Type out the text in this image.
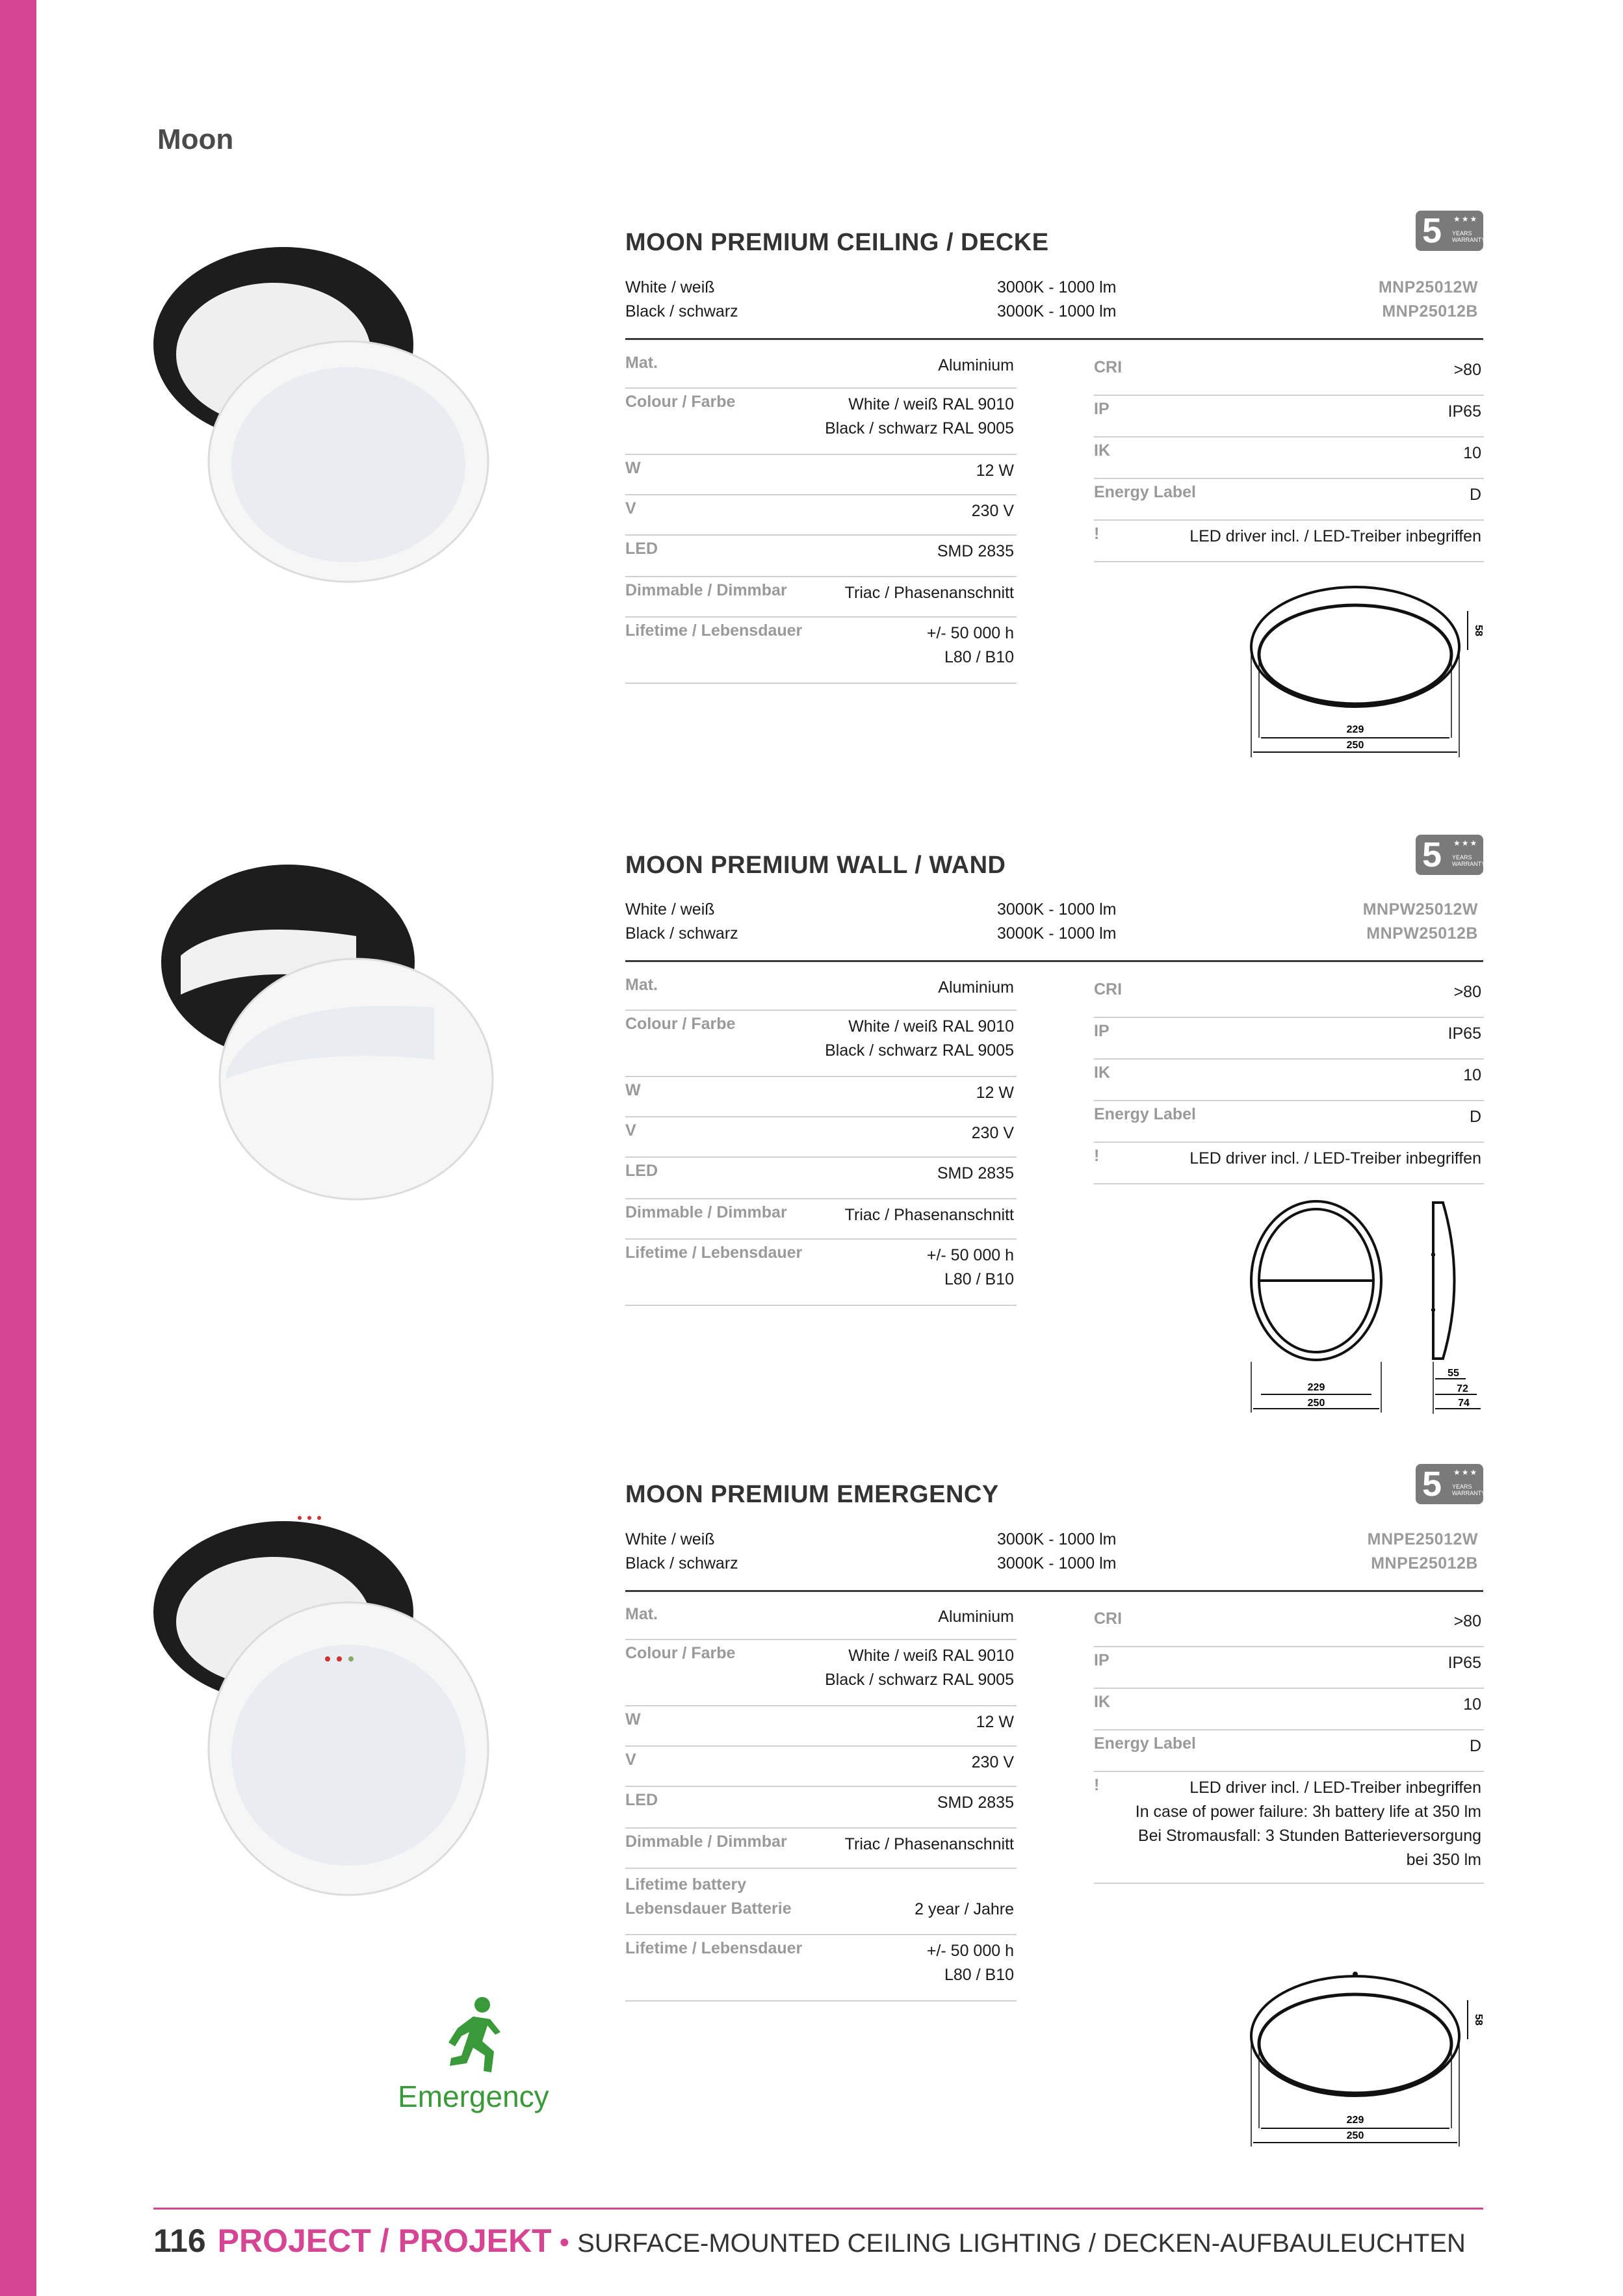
Moon
MOON PREMIUM CEILING / DECKE	5 ★★★
YEARS WARRANTY
White / weiß	3000K - 1000 lm	MNP25012W
Black / schwarz	3000K - 1000 lm	MNP25012B
Mat.	Aluminium
Colour / Farbe	White / weiß RAL 9010
Black / schwarz RAL 9005
W	12 W
V	230 V
LED	SMD 2835
Dimmable / Dimmbar	Triac / Phasenanschnitt
Lifetime / Lebensdauer	+/- 50 000 h
L80 / B10
CRI	>80
IP	IP65
IK	10
Energy Label	D
!	LED driver incl. / LED-Treiber inbegriffen
229
250
58
MOON PREMIUM WALL / WAND	5 ★★★
YEARS WARRANTY
White / weiß	3000K - 1000 lm	MNPW25012W
Black / schwarz	3000K - 1000 lm	MNPW25012B
Mat.	Aluminium
Colour / Farbe	White / weiß RAL 9010
Black / schwarz RAL 9005
W	12 W
V	230 V
LED	SMD 2835
Dimmable / Dimmbar	Triac / Phasenanschnitt
Lifetime / Lebensdauer	+/- 50 000 h
L80 / B10
CRI	>80
IP	IP65
IK	10
Energy Label	D
!	LED driver incl. / LED-Treiber inbegriffen
229
250
55
72
74
MOON PREMIUM EMERGENCY	5 ★★★
YEARS WARRANTY
White / weiß	3000K - 1000 lm	MNPE25012W
Black / schwarz	3000K - 1000 lm	MNPE25012B
Mat.	Aluminium
Colour / Farbe	White / weiß RAL 9010
Black / schwarz RAL 9005
W	12 W
V	230 V
LED	SMD 2835
Dimmable / Dimmbar	Triac / Phasenanschnitt
Lifetime battery
Lebensdauer Batterie	2 year / Jahre
Lifetime / Lebensdauer	+/- 50 000 h
L80 / B10
CRI	>80
IP	IP65
IK	10
Energy Label	D
!	LED driver incl. / LED-Treiber inbegriffen
In case of power failure: 3h battery life at 350 lm
Bei Stromausfall: 3 Stunden Batterieversorgung
bei 350 lm
229
250
58
Emergency
116 PROJECT / PROJEKT • SURFACE-MOUNTED CEILING LIGHTING / DECKEN-AUFBAULEUCHTEN
